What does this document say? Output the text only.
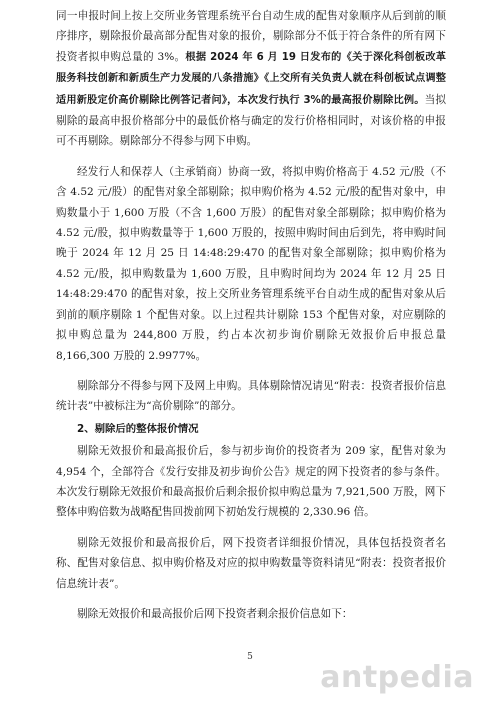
同一申报时间上按上交所业务管理系统平台自动生成的配售对象顺序从后到前的顺序排序，剔除报价最高部分配售对象的报价，剔除部分不低于符合条件的所有网下投资者拟申购总量的 3%。根据 2024 年 6 月 19 日发布的《关于深化科创板改革服务科技创新和新质生产力发展的八条措施》《上交所有关负责人就在科创板试点调整适用新股定价高价剔除比例答记者问》，本次发行执行 3%的最高报价剔除比例。当拟剔除的最高申报价格部分中的最低价格与确定的发行价格相同时，对该价格的申报可不再剔除。剔除部分不得参与网下申购。

经发行人和保荐人（主承销商）协商一致，将拟申购价格高于 4.52 元/股（不含 4.52 元/股）的配售对象全部剔除；拟申购价格为 4.52 元/股的配售对象中，申购数量小于 1,600 万股（不含 1,600 万股）的配售对象全部剔除；拟申购价格为 4.52 元/股，拟申购数量等于 1,600 万股的，按照申购时间由后到先，将申购时间晚于 2024 年 12 月 25 日 14:48:29:470 的配售对象全部剔除；拟申购价格为 4.52 元/股，拟申购数量为 1,600 万股，且申购时间均为 2024 年 12 月 25 日 14:48:29:470 的配售对象，按上交所业务管理系统平台自动生成的配售对象从后到前的顺序剔除 1 个配售对象。以上过程共计剔除 153 个配售对象，对应剔除的拟申购总量为 244,800 万股，约占本次初步询价剔除无效报价后申报总量 8,166,300 万股的 2.9977%。

剔除部分不得参与网下及网上申购。具体剔除情况请见“附表：投资者报价信息统计表”中被标注为“高价剔除”的部分。

2、剔除后的整体报价情况

剔除无效报价和最高报价后，参与初步询价的投资者为 209 家，配售对象为 4,954 个，全部符合《发行安排及初步询价公告》规定的网下投资者的参与条件。本次发行剔除无效报价和最高报价后剩余报价拟申购总量为 7,921,500 万股，网下整体申购倍数为战略配售回拨前网下初始发行规模的 2,330.96 倍。

剔除无效报价和最高报价后，网下投资者详细报价情况，具体包括投资者名称、配售对象信息、拟申购价格及对应的拟申购数量等资料请见“附表：投资者报价信息统计表”。

剔除无效报价和最高报价后网下投资者剩余报价信息如下：

5
antpedia
